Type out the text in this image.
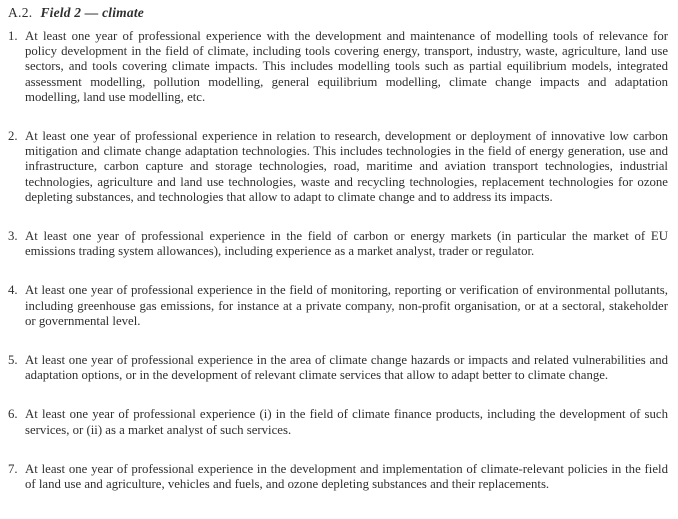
A.2. Field 2 — climate
1. At least one year of professional experience with the development and maintenance of modelling tools of relevance for policy development in the field of climate, including tools covering energy, transport, industry, waste, agriculture, land use sectors, and tools covering climate impacts. This includes modelling tools such as partial equilibrium models, integrated assessment modelling, pollution modelling, general equilibrium modelling, climate change impacts and adaptation modelling, land use modelling, etc.
2. At least one year of professional experience in relation to research, development or deployment of innovative low carbon mitigation and climate change adaptation technologies. This includes technologies in the field of energy generation, use and infrastructure, carbon capture and storage technologies, road, maritime and aviation transport technologies, industrial technologies, agriculture and land use technologies, waste and recycling technologies, replacement technologies for ozone depleting substances, and technologies that allow to adapt to climate change and to address its impacts.
3. At least one year of professional experience in the field of carbon or energy markets (in particular the market of EU emissions trading system allowances), including experience as a market analyst, trader or regulator.
4. At least one year of professional experience in the field of monitoring, reporting or verification of environmental pollutants, including greenhouse gas emissions, for instance at a private company, non-profit organisation, or at a sectoral, stakeholder or governmental level.
5. At least one year of professional experience in the area of climate change hazards or impacts and related vulnerabilities and adaptation options, or in the development of relevant climate services that allow to adapt better to climate change.
6. At least one year of professional experience (i) in the field of climate finance products, including the development of such services, or (ii) as a market analyst of such services.
7. At least one year of professional experience in the development and implementation of climate-relevant policies in the field of land use and agriculture, vehicles and fuels, and ozone depleting substances and their replacements.
